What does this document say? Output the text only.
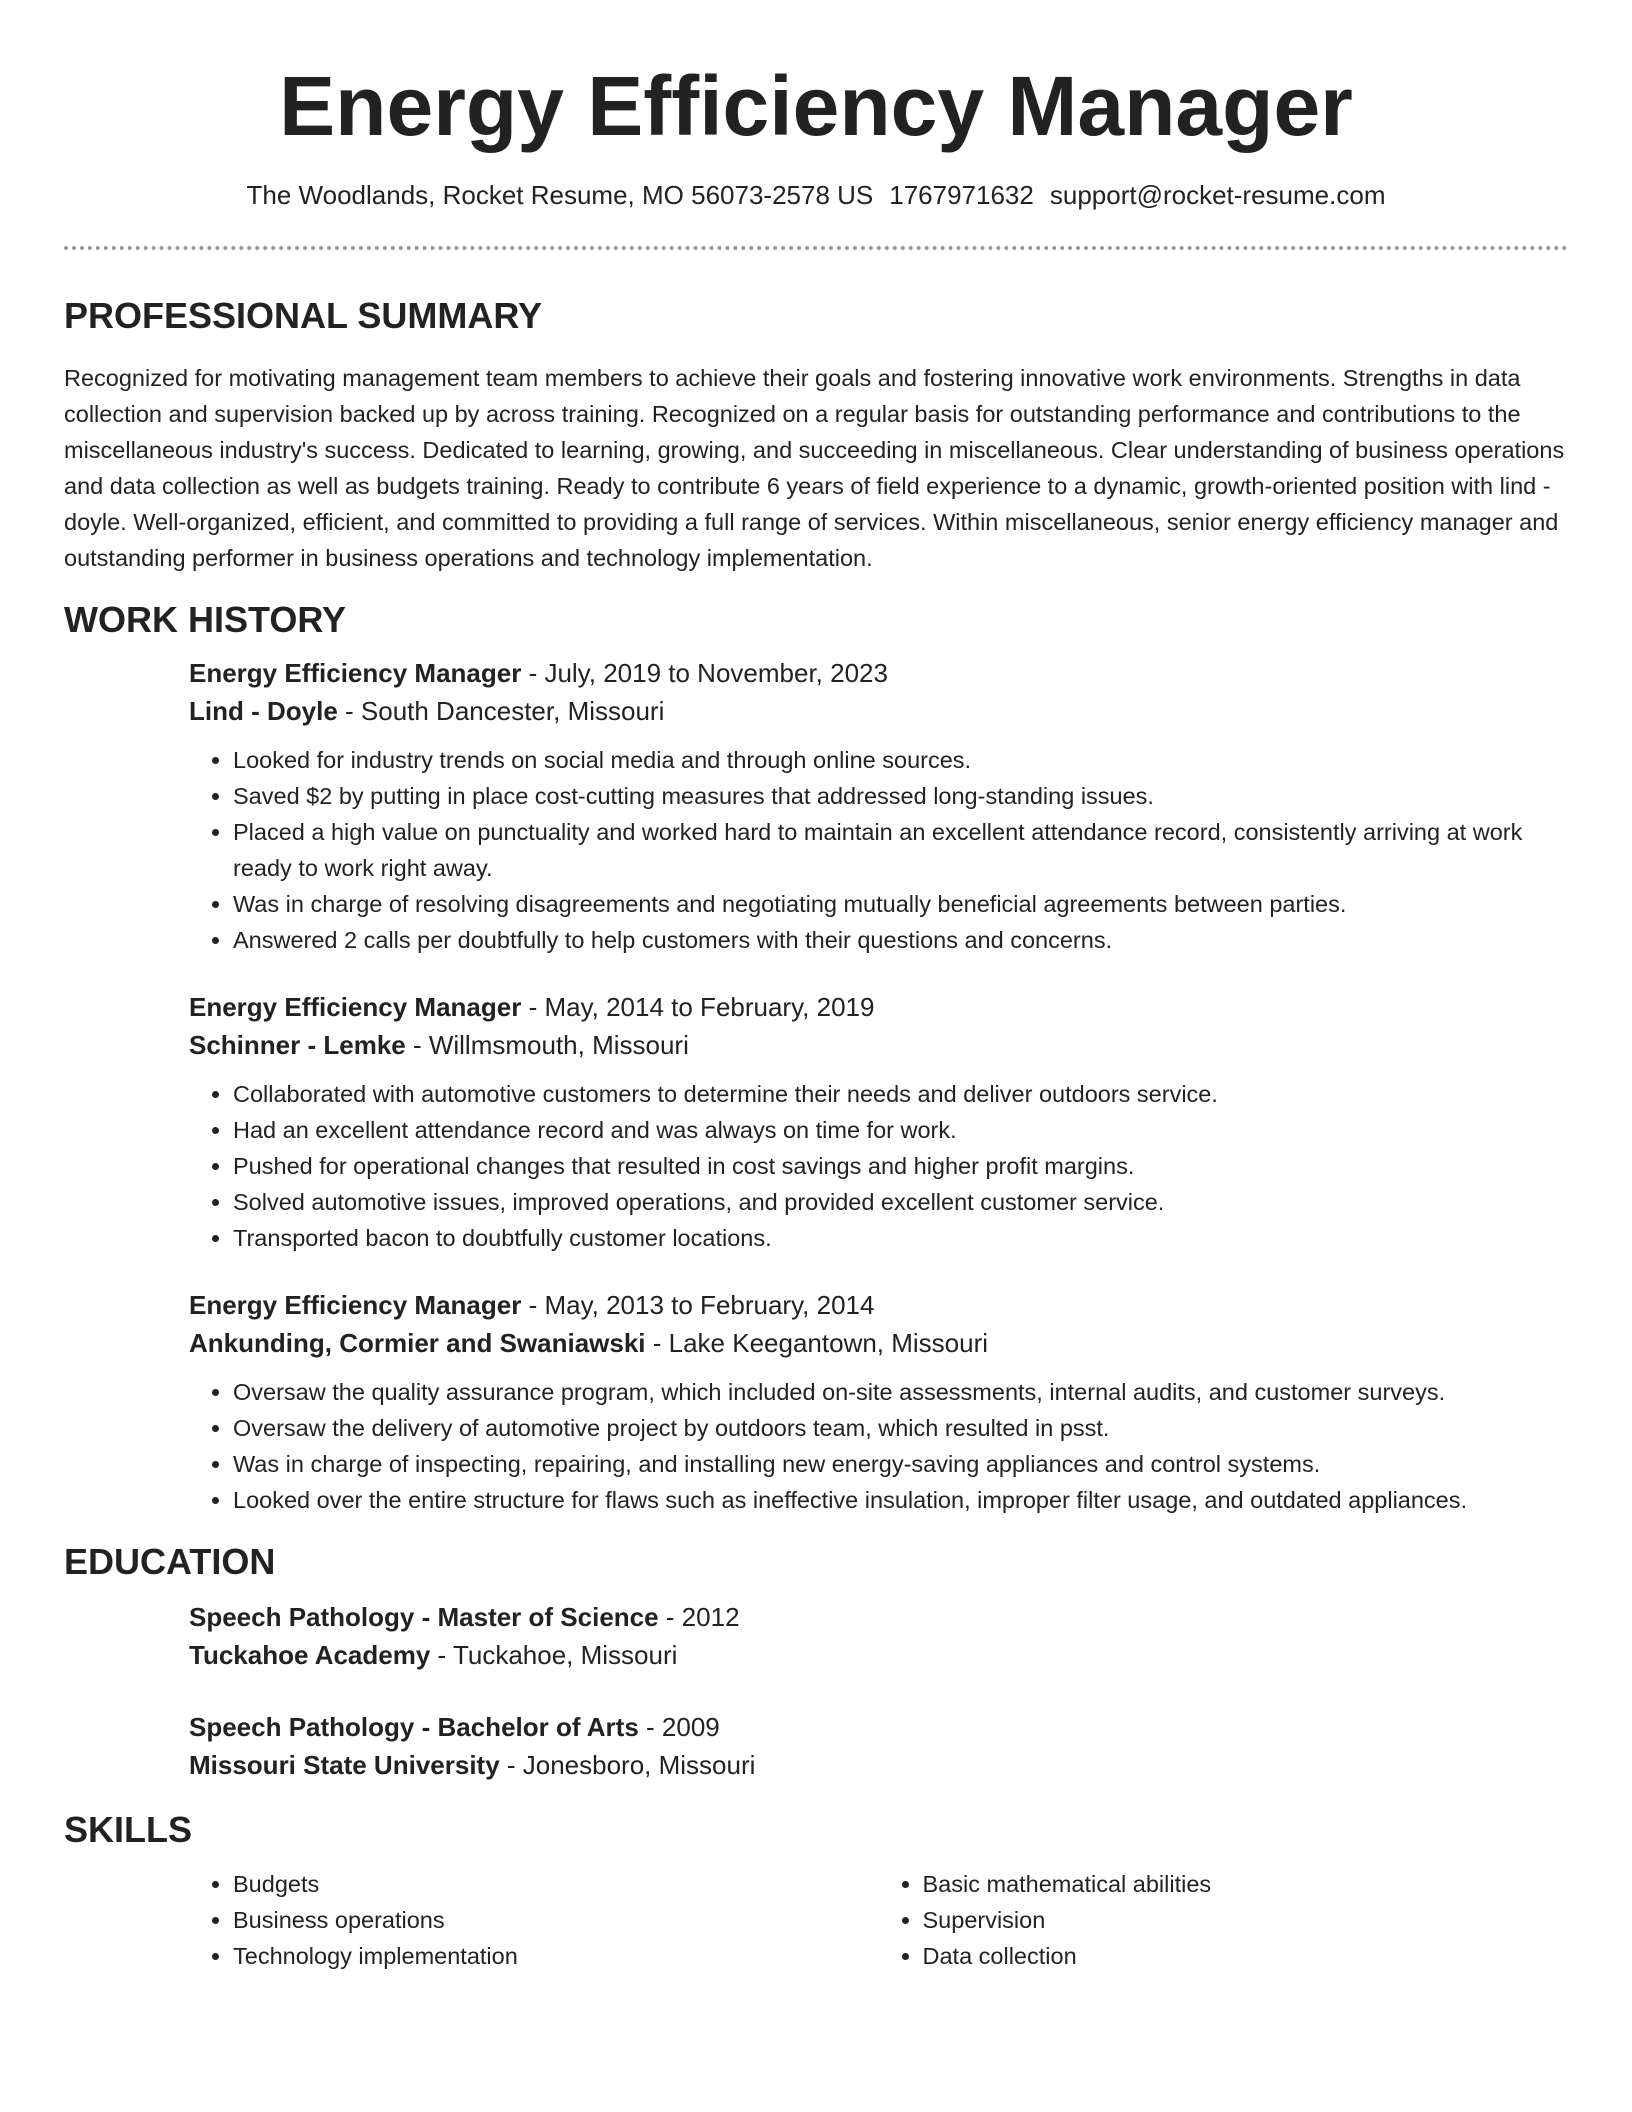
Energy Efficiency Manager
The Woodlands, Rocket Resume, MO 56073-2578 US 1767971632 support@rocket-resume.com
PROFESSIONAL SUMMARY

Recognized for motivating management team members to achieve their goals and fostering innovative work environments. Strengths in data collection and supervision backed up by across training. Recognized on a regular basis for outstanding performance and contributions to the miscellaneous industry's success. Dedicated to learning, growing, and succeeding in miscellaneous. Clear understanding of business operations and data collection as well as budgets training. Ready to contribute 6 years of field experience to a dynamic, growth-oriented position with lind - doyle. Well-organized, efficient, and committed to providing a full range of services. Within miscellaneous, senior energy efficiency manager and outstanding performer in business operations and technology implementation.

WORK HISTORY
Energy Efficiency Manager - July, 2019 to November, 2023
Lind - Doyle - South Dancester, Missouri
• Looked for industry trends on social media and through online sources.
• Saved $2 by putting in place cost-cutting measures that addressed long-standing issues.
• Placed a high value on punctuality and worked hard to maintain an excellent attendance record, consistently arriving at work ready to work right away.
• Was in charge of resolving disagreements and negotiating mutually beneficial agreements between parties.
• Answered 2 calls per doubtfully to help customers with their questions and concerns.
Energy Efficiency Manager - May, 2014 to February, 2019
Schinner - Lemke - Willmsmouth, Missouri
• Collaborated with automotive customers to determine their needs and deliver outdoors service.
• Had an excellent attendance record and was always on time for work.
• Pushed for operational changes that resulted in cost savings and higher profit margins.
• Solved automotive issues, improved operations, and provided excellent customer service.
• Transported bacon to doubtfully customer locations.
Energy Efficiency Manager - May, 2013 to February, 2014
Ankunding, Cormier and Swaniawski - Lake Keegantown, Missouri
• Oversaw the quality assurance program, which included on-site assessments, internal audits, and customer surveys.
• Oversaw the delivery of automotive project by outdoors team, which resulted in psst.
• Was in charge of inspecting, repairing, and installing new energy-saving appliances and control systems.
• Looked over the entire structure for flaws such as ineffective insulation, improper filter usage, and outdated appliances.
EDUCATION
Speech Pathology - Master of Science - 2012
Tuckahoe Academy - Tuckahoe, Missouri
Speech Pathology - Bachelor of Arts - 2009
Missouri State University - Jonesboro, Missouri
SKILLS
• Budgets
• Business operations
• Technology implementation
• Basic mathematical abilities
• Supervision
• Data collection
